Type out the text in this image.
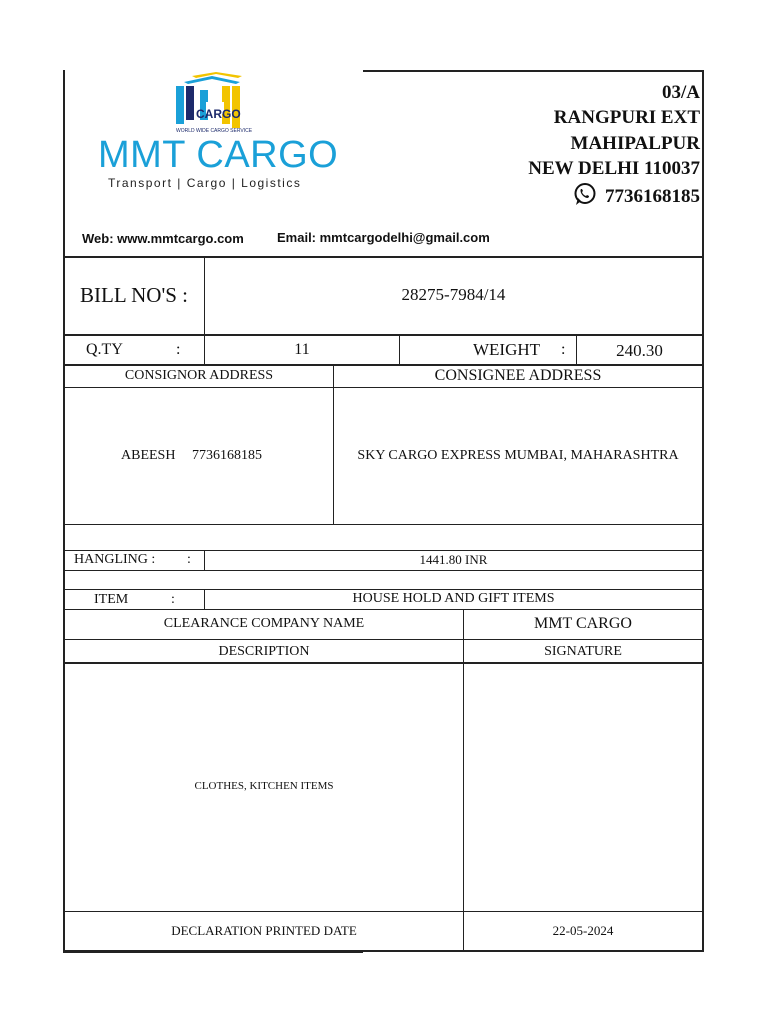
CARGO
WORLD WIDE CARGO SERVICE
MMT CARGO
Transport | Cargo | Logistics
03/A
RANGPURI EXT
MAHIPALPUR
NEW DELHI 110037
7736168185
Web: www.mmtcargo.com	Email: mmtcargodelhi@gmail.com
BILL NO'S :	28275-7984/14
Q.TY	:	11	WEIGHT :	240.30
CONSIGNOR ADDRESS	CONSIGNEE ADDRESS
ABEESH 7736168185	SKY CARGO EXPRESS MUMBAI, MAHARASHTRA
HANGLING : :	1441.80 INR
ITEM	:	HOUSE HOLD AND GIFT ITEMS
CLEARANCE COMPANY NAME	MMT CARGO
DESCRIPTION	SIGNATURE
CLOTHES, KITCHEN ITEMS
DECLARATION PRINTED DATE	22-05-2024
